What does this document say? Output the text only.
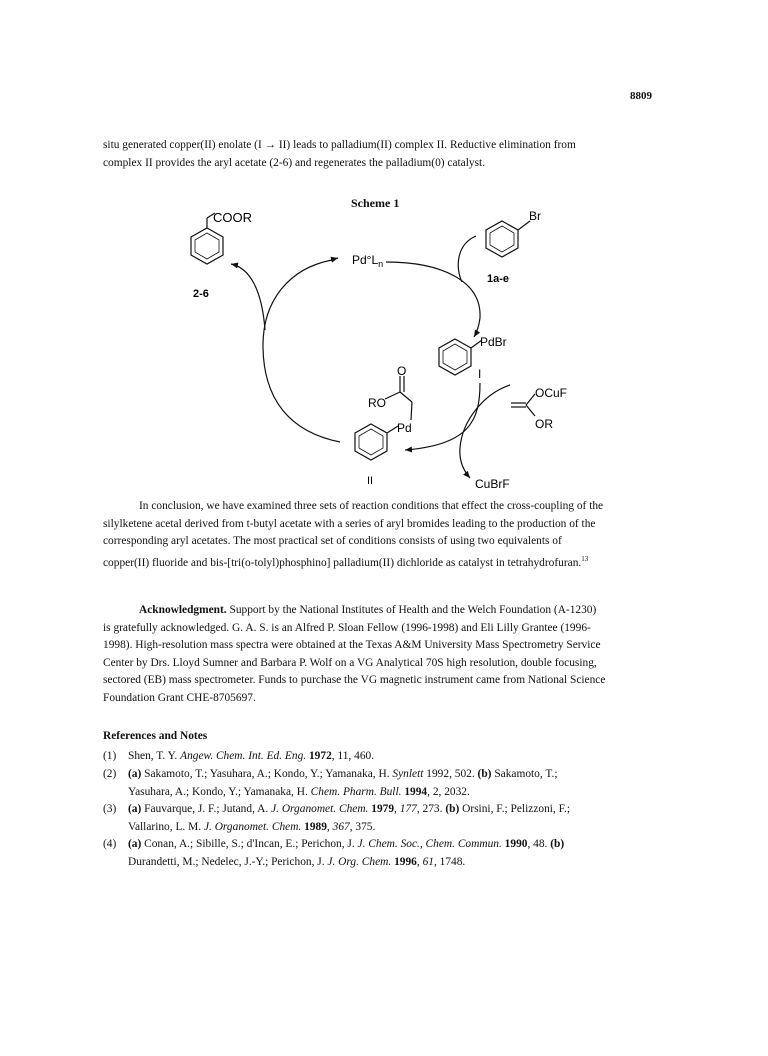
8809

situ generated copper(II) enolate (I → II) leads to palladium(II) complex II. Reductive elimination from
complex II provides the aryl acetate (2-6) and regenerates the palladium(0) catalyst.

Scheme 1
COOR
2-6
$Pd^\circ L_n$
Br
1a-e
PdBr
I
OCuF
OR
RO
O
Pd
II	CuBrF

In conclusion, we have examined three sets of reaction conditions that effect the cross-coupling of the
silylketene acetal derived from t-butyl acetate with a series of aryl bromides leading to the production of the
corresponding aryl acetates. The most practical set of conditions consists of using two equivalents of
copper(II) fluoride and bis-[tri(o-tolyl)phosphino] palladium(II) dichloride as catalyst in tetrahydrofuran.$^{13}$

Acknowledgment. Support by the National Institutes of Health and the Welch Foundation (A-1230)
is gratefully acknowledged. G. A. S. is an Alfred P. Sloan Fellow (1996-1998) and Eli Lilly Grantee (1996-
1998). High-resolution mass spectra were obtained at the Texas A&M University Mass Spectrometry Service
Center by Drs. Lloyd Sumner and Barbara P. Wolf on a VG Analytical 70S high resolution, double focusing,
sectored (EB) mass spectrometer. Funds to purchase the VG magnetic instrument came from National Science
Foundation Grant CHE-8705697.

References and Notes

(1) Shen, T. Y. Angew. Chem. Int. Ed. Eng. 1972, 11, 460.

(2) (a) Sakamoto, T.; Yasuhara, A.; Kondo, Y.; Yamanaka, H. Synlett 1992, 502. (b) Sakamoto, T.;
Yasuhara, A.; Kondo, Y.; Yamanaka, H. Chem. Pharm. Bull. 1994, 2, 2032.

(3) (a) Fauvarque, J. F.; Jutand, A. J. Organomet. Chem. 1979, 177, 273. (b) Orsini, F.; Pelizzoni, F.;
Vallarino, L. M. J. Organomet. Chem. 1989, 367, 375.

(4) (a) Conan, A.; Sibille, S.; d'Incan, E.; Perichon, J. J. Chem. Soc., Chem. Commun. 1990, 48. (b)
Durandetti, M.; Nedelec, J.-Y.; Perichon, J. J. Org. Chem. 1996, 61, 1748.
